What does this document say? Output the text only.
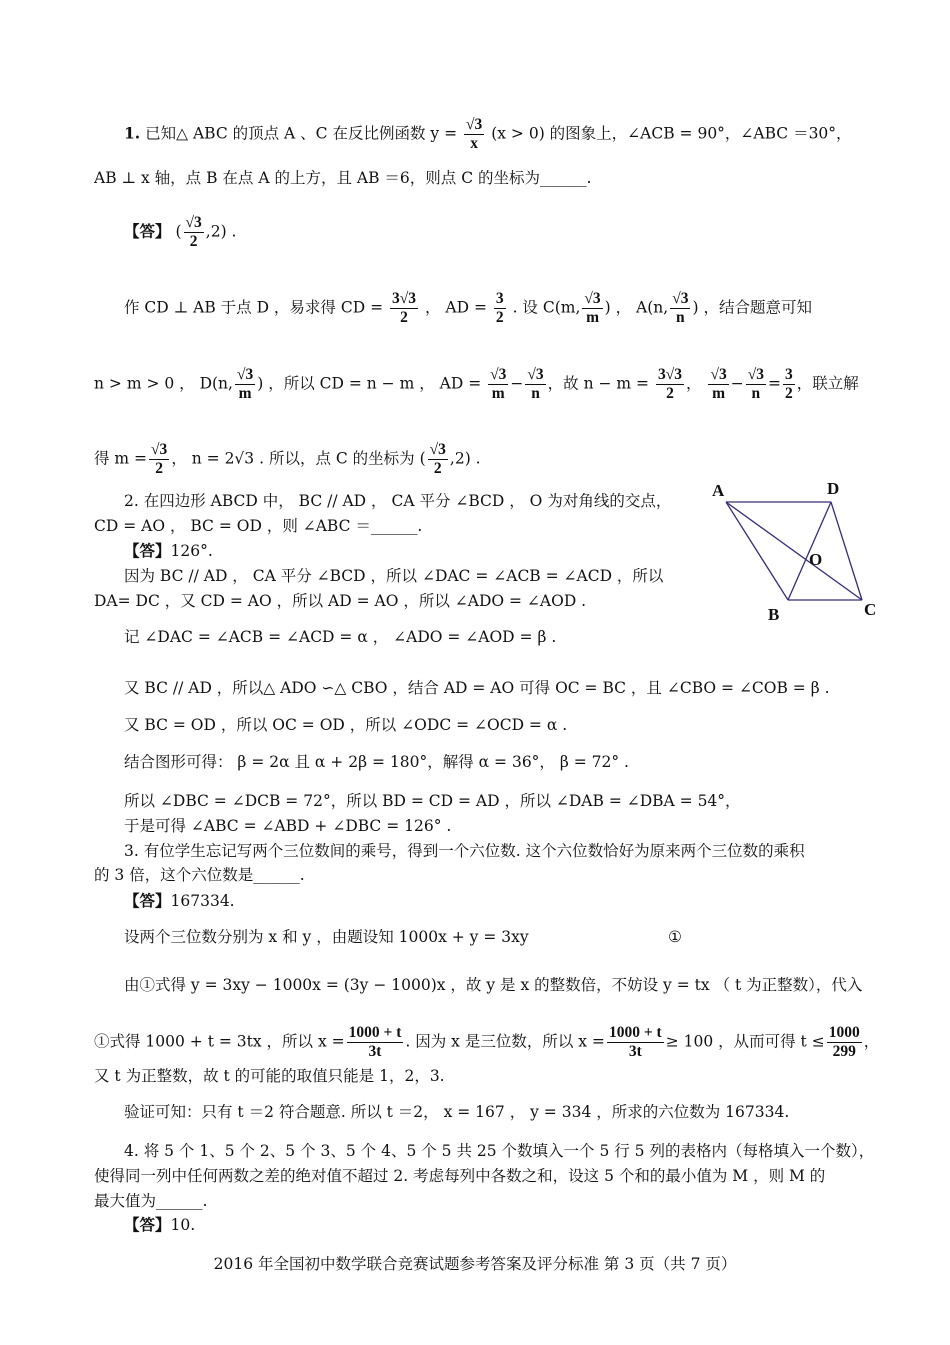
1. 已知△ ABC 的顶点 A 、C 在反比例函数 $y = \frac{√3}{x} (x > 0)$ 的图象上，∠ACB = 90°，∠ABC ＝30°，
AB ⊥ x 轴，点 B 在点 A 的上方，且 AB ＝6，则点 C 的坐标为______.
【答】 ( $\frac{√3}{2} ,2$) .
作 CD ⊥ AB 于点 D ，易求得 CD = $\frac{3√3}{2}$ ， AD = $\frac{3}{2}$ . 设 C(m, $\frac{√3}{m}$ ) ， A(n, $\frac{√3}{n}$ ) ，结合题意可知
n > m > 0 ， D(n, $\frac{√3}{m}$ ) ，所以 CD = n − m ， AD = $\frac{√3}{m} - \frac{√3}{n}$ ，故 $n - m = \frac{3√3}{2}$ ， $\frac{√3}{m} - \frac{√3}{n} = \frac{3}{2}$ ，联立解
得 $m = \frac{√3}{2}$ ， n = 2√3 . 所以，点 C 的坐标为 ( $\frac{√3}{2} ,2$) .
2. 在四边形 ABCD 中， BC // AD ， CA 平分 ∠BCD ， O 为对角线的交点，
CD = AO ， BC = OD ，则 ∠ABC ＝______.
【答】126°.
因为 BC // AD ， CA 平分 ∠BCD ，所以 ∠DAC = ∠ACB = ∠ACD ，所以
DA= DC ，又 CD = AO ，所以 AD = AO ，所以 ∠ADO = ∠AOD .
记 ∠DAC = ∠ACB = ∠ACD = α ， ∠ADO = ∠AOD = β .
又 BC // AD ，所以△ ADO ∽△ CBO ，结合 AD = AO 可得 OC = BC ，且 ∠CBO = ∠COB = β .
又 BC = OD ，所以 OC = OD ，所以 ∠ODC = ∠OCD = α .
结合图形可得： β = 2α 且 α + 2β = 180°，解得 α = 36°， β = 72° .
所以 ∠DBC = ∠DCB = 72°，所以 BD = CD = AD ，所以 ∠DAB = ∠DBA = 54°，
于是可得 ∠ABC = ∠ABD + ∠DBC = 126° .
A	D
O
B	C
3. 有位学生忘记写两个三位数间的乘号，得到一个六位数. 这个六位数恰好为原来两个三位数的乘积
的 3 倍，这个六位数是______.
【答】167334.
设两个三位数分别为 x 和 y ，由题设知 1000x + y = 3xy	①
由①式得 y = 3xy − 1000x = (3y − 1000)x ，故 y 是 x 的整数倍，不妨设 y = tx （ t 为正整数），代入
①式得 1000 + t = 3tx ，所以 $x = \frac{1000 + t}{3t}$ . 因为 x 是三位数，所以 $x = \frac{1000 + t}{3t} \ge 100$ ，从而可得 $t \le \frac{1000}{299}$ ，
又 t 为正整数，故 t 的可能的取值只能是 1，2，3.
验证可知：只有 t ＝2 符合题意. 所以 t ＝2， x = 167 ， y = 334 ，所求的六位数为 167334.
4. 将 5 个 1、5 个 2、5 个 3、5 个 4、5 个 5 共 25 个数填入一个 5 行 5 列的表格内（每格填入一个数），
使得同一列中任何两数之差的绝对值不超过 2. 考虑每列中各数之和，设这 5 个和的最小值为 M ，则 M 的
最大值为______.
【答】10.
2016 年全国初中数学联合竞赛试题参考答案及评分标准 第 3 页（共 7 页）
